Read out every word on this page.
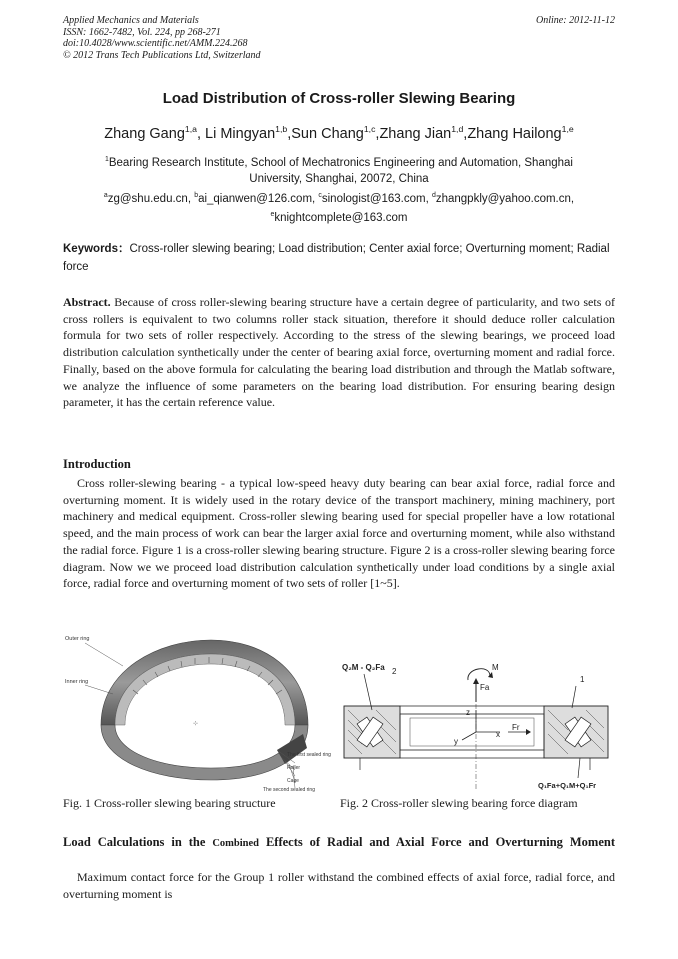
Applied Mechanics and Materials
ISSN: 1662-7482, Vol. 224, pp 268-271
doi:10.4028/www.scientific.net/AMM.224.268
© 2012 Trans Tech Publications Ltd, Switzerland
Online: 2012-11-12
Load Distribution of Cross-roller Slewing Bearing
Zhang Gang$^{1,a}$, Li Mingyan$^{1,b}$,Sun Chang$^{1,c}$,Zhang Jian$^{1,d}$,Zhang Hailong$^{1,e}$
$^1$Bearing Research Institute, School of Mechatronics Engineering and Automation, Shanghai
University, Shanghai, 20072, China
$^a$zg@shu.edu.cn, $^b$ai_qianwen@126.com, $^c$sinologist@163.com, $^d$zhangpkly@yahoo.com.cn,
$^e$knightcomplete@163.com
Keywords：Cross-roller slewing bearing; Load distribution; Center axial force; Overturning moment; Radial force
Abstract. Because of cross roller-slewing bearing structure have a certain degree of particularity, and two sets of cross rollers is equivalent to two columns roller stack situation, therefore it should deduce roller calculation formula for two sets of roller respectively. According to the stress of the slewing bearings, we proceed load distribution calculation synthetically under the center of bearing axial force, overturning moment and radial force. Finally, based on the above formula for calculating the bearing load distribution and through the Matlab software, we analyze the influence of some parameters on the bearing load distribution. For ensuring bearing design parameter, it has the certain reference value.
Introduction
Cross roller-slewing bearing - a typical low-speed heavy duty bearing can bear axial force, radial force and overturning moment. It is widely used in the rotary device of the transport machinery, mining machinery, port machinery and medical equipment. Cross-roller slewing bearing used for special propeller have a low rotational speed, and the main process of work can bear the larger axial force and overturning moment, while also withstand the radial force. Figure 1 is a cross-roller slewing bearing structure. Figure 2 is a cross-roller slewing bearing force diagram. Now we we proceed load distribution calculation synthetically under load conditions by a single axial force, radial force and overturning moment of two sets of roller [1~5].
⊹
Outer ring
Inner ring
The first sealed ring
Roller
Cage
The second sealed ring
Q₂M - Q₂Fa 2	M
Fa
1
z
x
y
Fr
Q₁Fa+Q₁M+Q₁Fr
Fig. 1 Cross-roller slewing bearing structure	Fig. 2 Cross-roller slewing bearing force diagram
Load Calculations in the Combined Effects of Radial and Axial Force and Overturning Moment
Maximum contact force for the Group 1 roller withstand the combined effects of axial force, radial force, and overturning moment is
